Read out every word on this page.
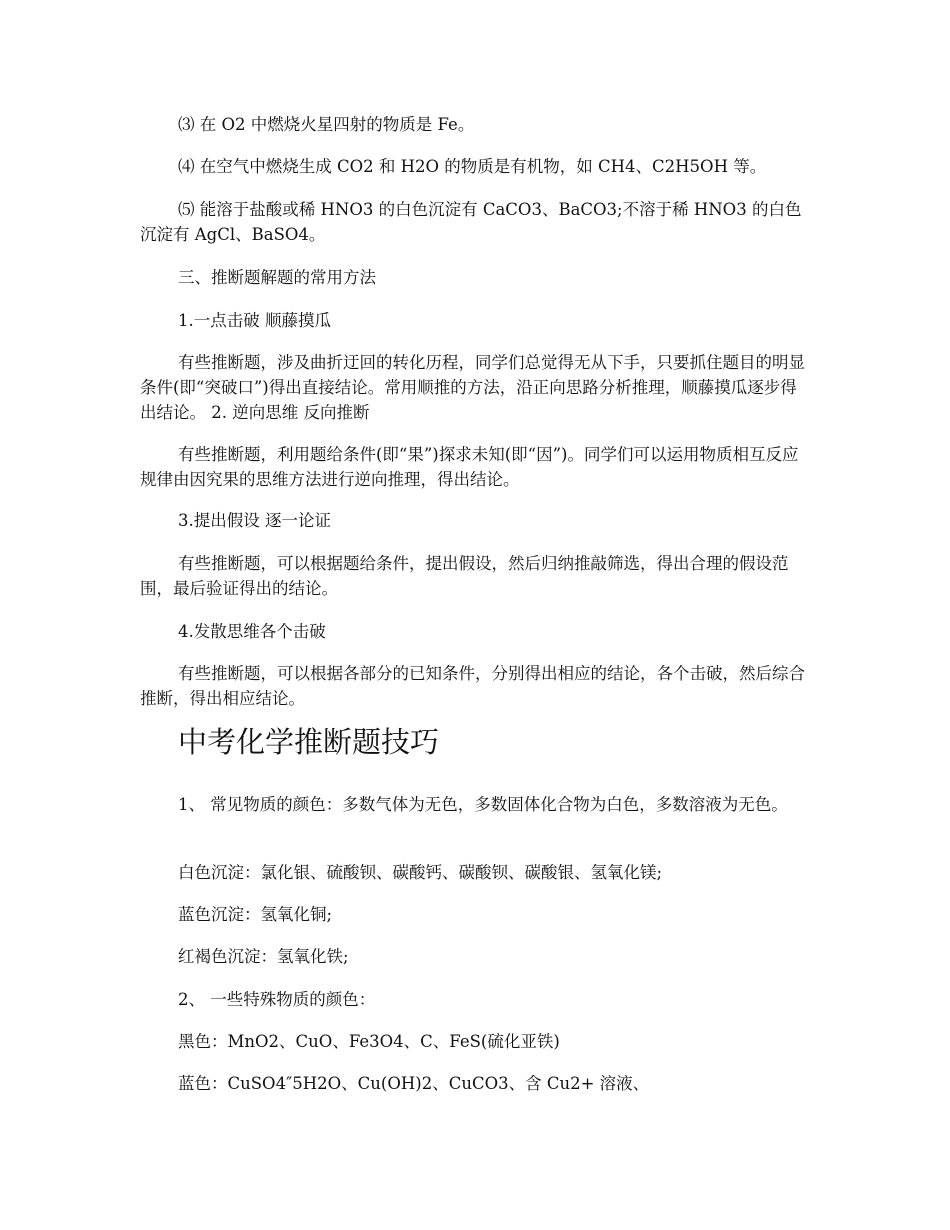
⑶ 在 O2 中燃烧火星四射的物质是 Fe。

⑷ 在空气中燃烧生成 CO2 和 H2O 的物质是有机物，如 CH4、C2H5OH 等。

⑸ 能溶于盐酸或稀 HNO3 的白色沉淀有 CaCO3、BaCO3;不溶于稀 HNO3 的白色沉淀有 AgCl、BaSO4。

三、推断题解题的常用方法

1.一点击破 顺藤摸瓜

有些推断题，涉及曲折迂回的转化历程，同学们总觉得无从下手，只要抓住题目的明显条件(即“突破口”)得出直接结论。常用顺推的方法，沿正向思路分析推理，顺藤摸瓜逐步得出结论。 2. 逆向思维 反向推断

有些推断题，利用题给条件(即“果”)探求未知(即“因”)。同学们可以运用物质相互反应规律由因究果的思维方法进行逆向推理，得出结论。

3.提出假设 逐一论证

有些推断题，可以根据题给条件，提出假设，然后归纳推敲筛选，得出合理的假设范围，最后验证得出的结论。

4.发散思维各个击破

有些推断题，可以根据各部分的已知条件，分别得出相应的结论，各个击破，然后综合推断，得出相应结论。

中考化学推断题技巧

1、 常见物质的颜色：多数气体为无色，多数固体化合物为白色，多数溶液为无色。

白色沉淀：氯化银、硫酸钡、碳酸钙、碳酸钡、碳酸银、氢氧化镁;

蓝色沉淀：氢氧化铜;

红褐色沉淀：氢氧化铁;

2、 一些特殊物质的颜色：

黑色：MnO2、CuO、Fe3O4、C、FeS(硫化亚铁)

蓝色：CuSO4″5H2O、Cu(OH)2、CuCO3、含 Cu2+ 溶液、
